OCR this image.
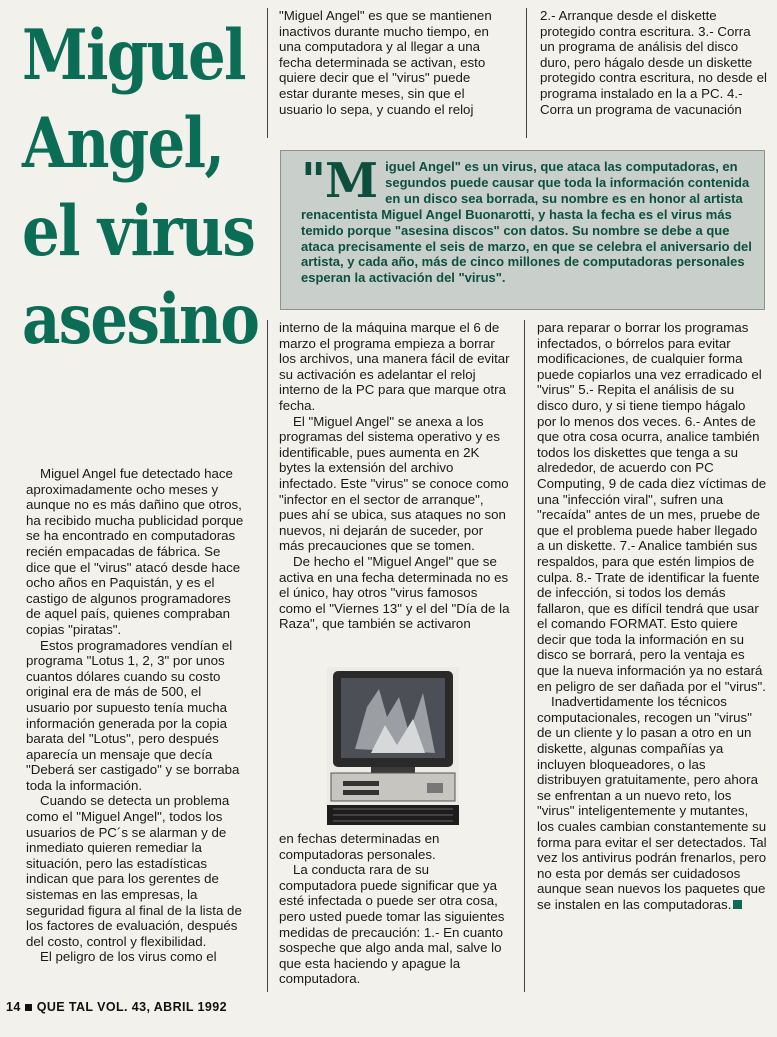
Miguel
Angel,
el virus
asesino

"Miguel Angel" es que se mantienen inactivos durante mucho tiempo, en una computadora y al llegar a una fecha determinada se activan, esto quiere decir que el "virus" puede estar durante meses, sin que el usuario lo sepa, y cuando el reloj

2.- Arranque desde el diskette protegido contra escritura. 3.- Corra un programa de análisis del disco duro, pero hágalo desde un diskette protegido contra escritura, no desde el programa instalado en la a PC. 4.- Corra un programa de vacunación

"M iguel Angel" es un virus, que ataca las computadoras, en segundos puede causar que toda la información contenida en un disco sea borrada, su nombre es en honor al artista renacentista Miguel Angel Buonarotti, y hasta la fecha es el virus más temido porque "asesina discos" con datos. Su nombre se debe a que ataca precisamente el seis de marzo, en que se celebra el aniversario del artista, y cada año, más de cinco millones de computadoras personales esperan la activación del "virus".

Miguel Angel fue detectado hace aproximadamente ocho meses y aunque no es más dañino que otros, ha recibido mucha publicidad porque se ha encontrado en computadoras recién empacadas de fábrica. Se dice que el "virus" atacó desde hace ocho años en Paquistán, y es el castigo de algunos programadores de aquel país, quienes compraban copias "piratas".

Estos programadores vendían el programa "Lotus 1, 2, 3" por unos cuantos dólares cuando su costo original era de más de 500, el usuario por supuesto tenía mucha información generada por la copia barata del "Lotus", pero después aparecía un mensaje que decía "Deberá ser castigado" y se borraba toda la información.

Cuando se detecta un problema como el "Miguel Angel", todos los usuarios de PC´s se alarman y de inmediato quieren remediar la situación, pero las estadísticas indican que para los gerentes de sistemas en las empresas, la seguridad figura al final de la lista de los factores de evaluación, después del costo, control y flexibilidad.

El peligro de los virus como el

interno de la máquina marque el 6 de marzo el programa empieza a borrar los archivos, una manera fácil de evitar su activación es adelantar el reloj interno de la PC para que marque otra fecha.

El "Miguel Angel" se anexa a los programas del sistema operativo y es identificable, pues aumenta en 2K bytes la extensión del archivo infectado. Este "virus" se conoce como "infector en el sector de arranque", pues ahí se ubica, sus ataques no son nuevos, ni dejarán de suceder, por más precauciones que se tomen.

De hecho el "Miguel Angel" que se activa en una fecha determinada no es el único, hay otros "virus famosos como el "Viernes 13" y el del "Día de la Raza", que también se activaron

en fechas determinadas en computadoras personales.

La conducta rara de su computadora puede significar que ya esté infectada o puede ser otra cosa, pero usted puede tomar las siguientes medidas de precaución: 1.- En cuanto sospeche que algo anda mal, salve lo que esta haciendo y apague la computadora.

para reparar o borrar los programas infectados, o bórrelos para evitar modificaciones, de cualquier forma puede copiarlos una vez erradicado el "virus" 5.- Repita el análisis de su disco duro, y si tiene tiempo hágalo por lo menos dos veces. 6.- Antes de que otra cosa ocurra, analice también todos los diskettes que tenga a su alrededor, de acuerdo con PC Computing, 9 de cada diez víctimas de una "infección viral", sufren una "recaída" antes de un mes, pruebe de que el problema puede haber llegado a un diskette. 7.- Analice también sus respaldos, para que estén limpios de culpa. 8.- Trate de identificar la fuente de infección, si todos los demás fallaron, que es difícil tendrá que usar el comando FORMAT. Esto quiere decir que toda la información en su disco se borrará, pero la ventaja es que la nueva información ya no estará en peligro de ser dañada por el "virus".

Inadvertidamente los técnicos computacionales, recogen un "virus" de un cliente y lo pasan a otro en un diskette, algunas compañías ya incluyen bloqueadores, o las distribuyen gratuitamente, pero ahora se enfrentan a un nuevo reto, los "virus" inteligentemente y mutantes, los cuales cambian constantemente su forma para evitar el ser detectados. Tal vez los antivirus podrán frenarlos, pero no esta por demás ser cuidadosos aunque sean nuevos los paquetes que se instalen en las computadoras.

14 QUE TAL VOL. 43, ABRIL 1992
